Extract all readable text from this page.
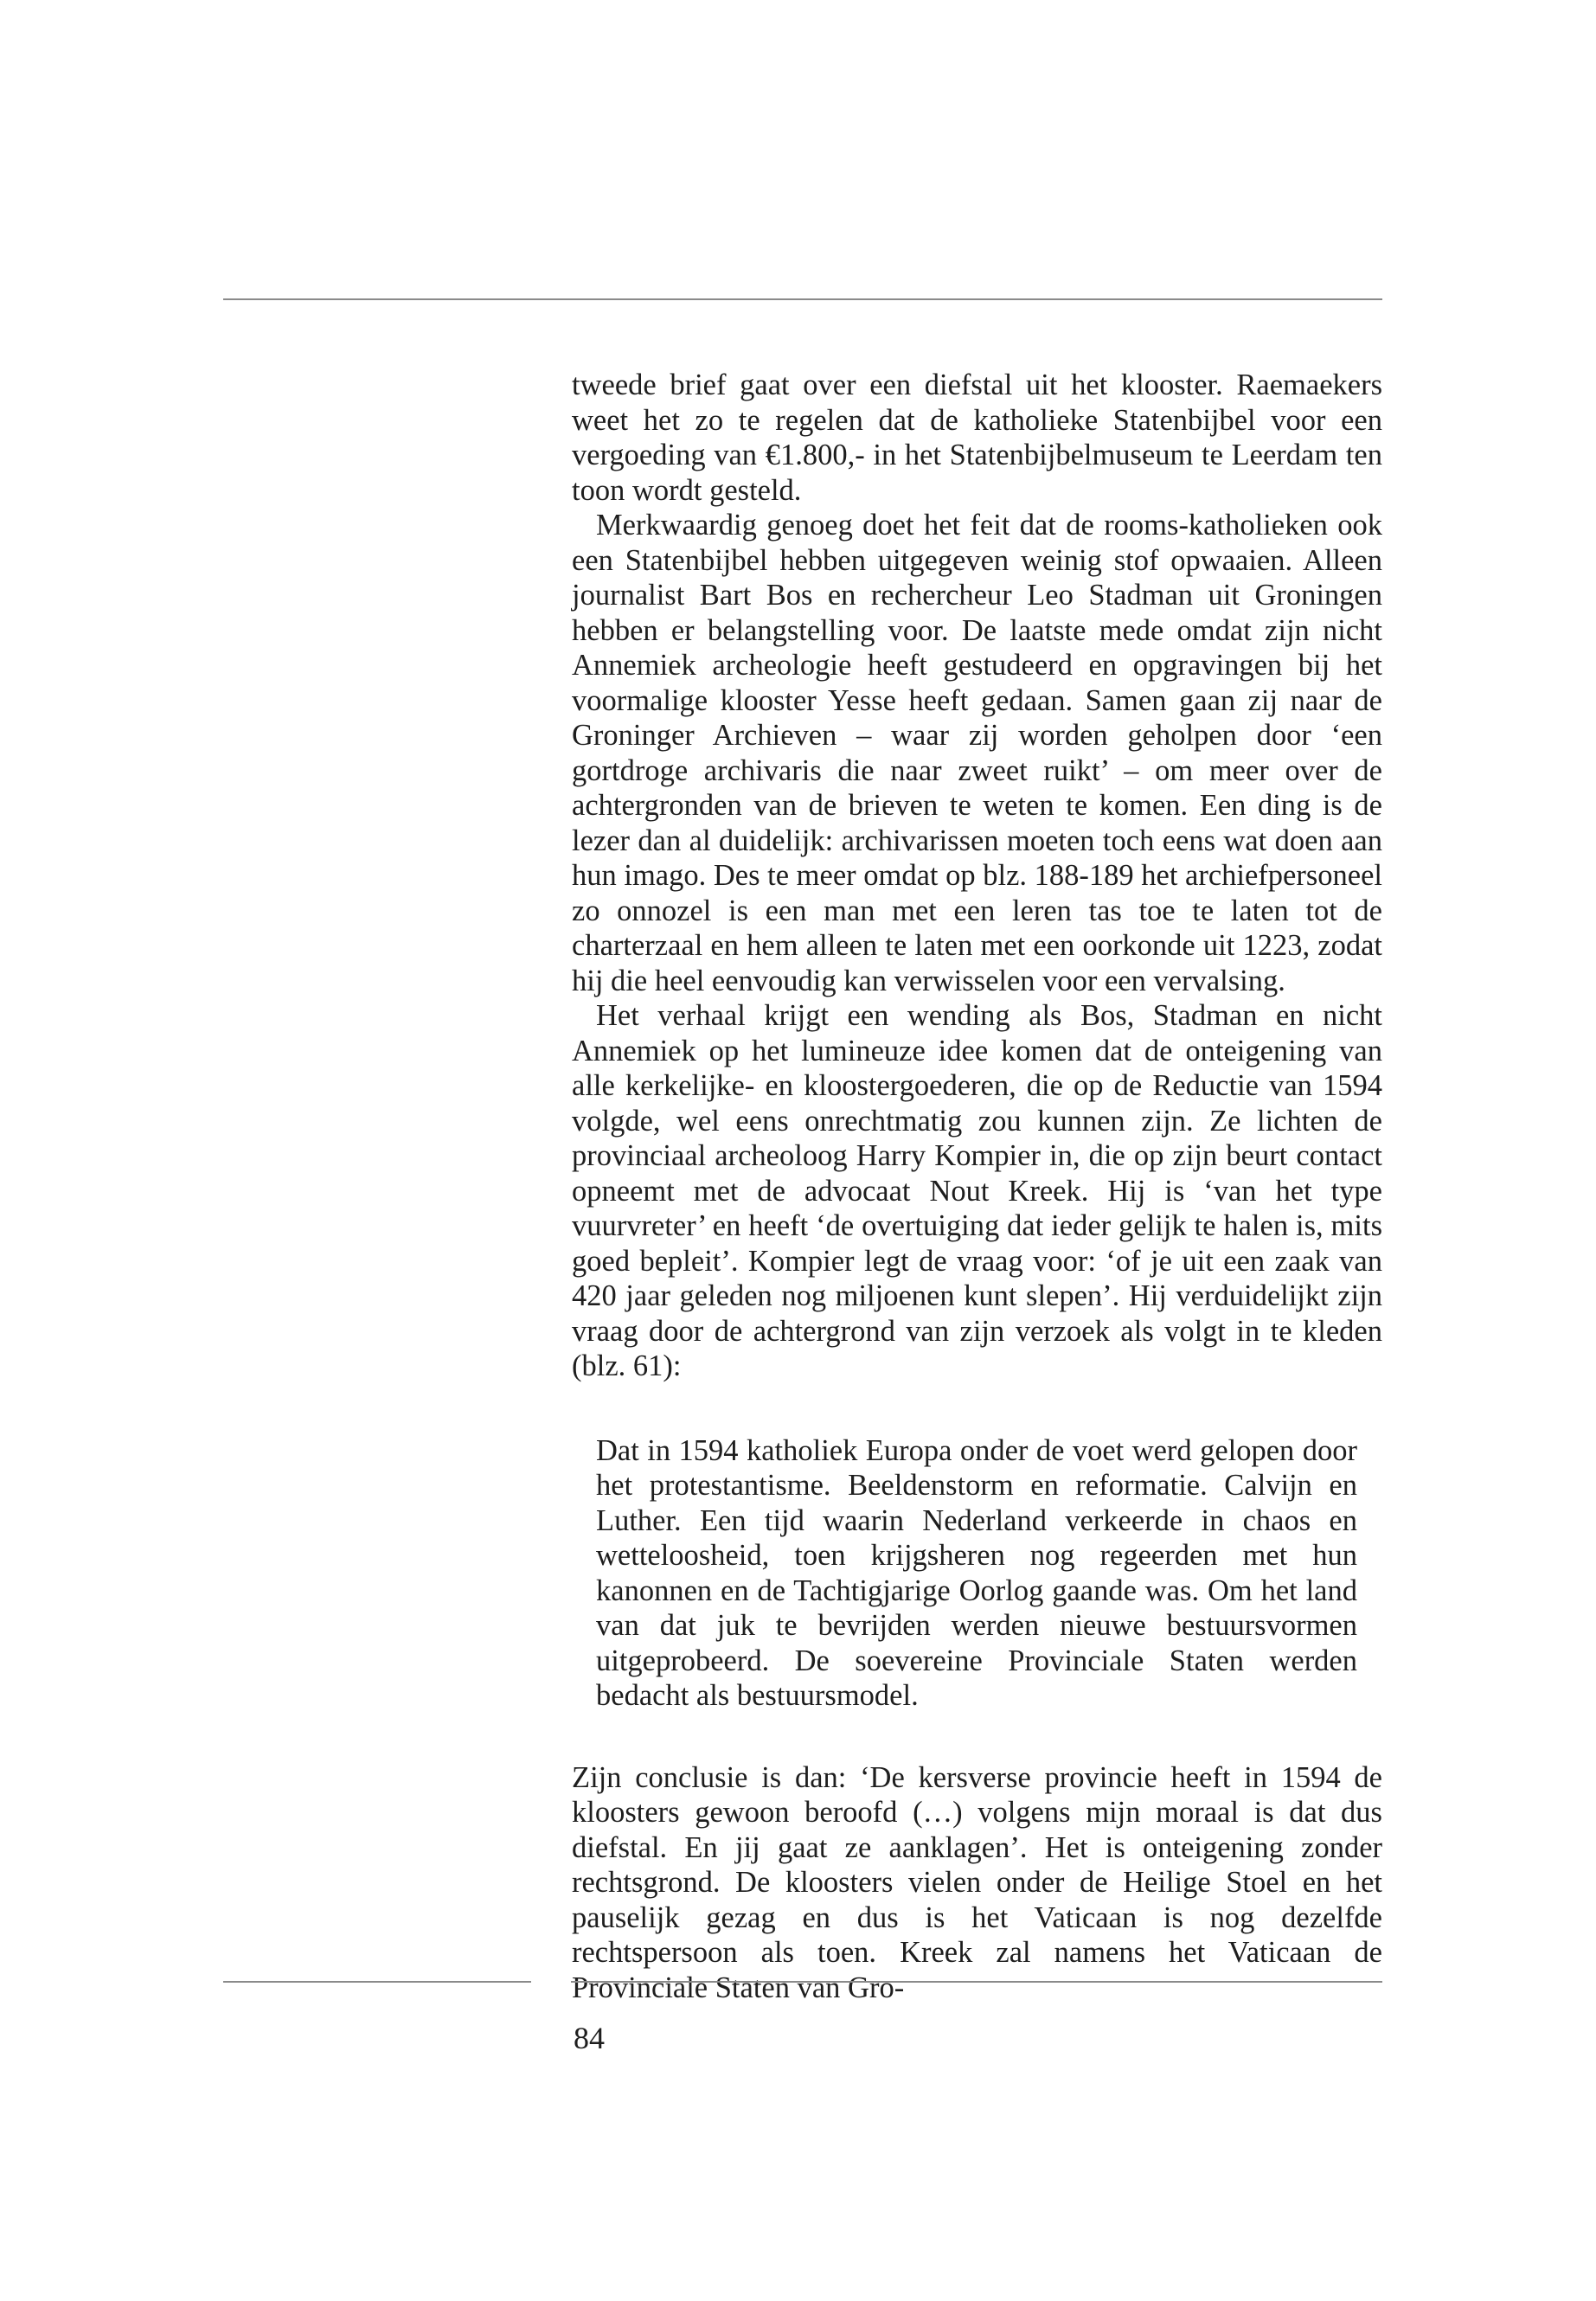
tweede brief gaat over een diefstal uit het klooster. Raemaekers weet het zo te regelen dat de katholieke Statenbijbel voor een vergoeding van €1.800,- in het Statenbijbelmuseum te Leerdam ten toon wordt gesteld.

Merkwaardig genoeg doet het feit dat de rooms-katholieken ook een Statenbijbel hebben uitgegeven weinig stof opwaaien. Alleen journalist Bart Bos en rechercheur Leo Stadman uit Groningen hebben er belangstelling voor. De laatste mede omdat zijn nicht Annemiek archeologie heeft gestudeerd en opgravingen bij het voormalige klooster Yesse heeft gedaan. Samen gaan zij naar de Groninger Archieven – waar zij worden geholpen door ‘een gortdroge archivaris die naar zweet ruikt’ – om meer over de achtergronden van de brieven te weten te komen. Een ding is de lezer dan al duidelijk: archivarissen moeten toch eens wat doen aan hun imago. Des te meer omdat op blz. 188-189 het archiefpersoneel zo onnozel is een man met een leren tas toe te laten tot de charterzaal en hem alleen te laten met een oorkonde uit 1223, zodat hij die heel eenvoudig kan verwisselen voor een vervalsing.

Het verhaal krijgt een wending als Bos, Stadman en nicht Annemiek op het lumineuze idee komen dat de onteigening van alle kerkelijke- en kloostergoederen, die op de Reductie van 1594 volgde, wel eens onrechtmatig zou kunnen zijn. Ze lichten de provinciaal archeoloog Harry Kompier in, die op zijn beurt contact opneemt met de advocaat Nout Kreek. Hij is ‘van het type vuurvreter’ en heeft ‘de overtuiging dat ieder gelijk te halen is, mits goed bepleit’. Kompier legt de vraag voor: ‘of je uit een zaak van 420 jaar geleden nog miljoenen kunt slepen’. Hij verduidelijkt zijn vraag door de achtergrond van zijn verzoek als volgt in te kleden (blz. 61):

Dat in 1594 katholiek Europa onder de voet werd gelopen door het protestantisme. Beeldenstorm en reformatie. Calvijn en Luther. Een tijd waarin Nederland verkeerde in chaos en wetteloosheid, toen krijgsheren nog regeerden met hun kanonnen en de Tachtigjarige Oorlog gaande was. Om het land van dat juk te bevrijden werden nieuwe bestuursvormen uitgeprobeerd. De soevereine Provinciale Staten werden bedacht als bestuursmodel.

Zijn conclusie is dan: ‘De kersverse provincie heeft in 1594 de kloosters gewoon beroofd (…) volgens mijn moraal is dat dus diefstal. En jij gaat ze aanklagen’. Het is onteigening zonder rechtsgrond. De kloosters vielen onder de Heilige Stoel en het pauselijk gezag en dus is het Vaticaan is nog dezelfde rechtspersoon als toen. Kreek zal namens het Vaticaan de Provinciale Staten van Gro-

84
